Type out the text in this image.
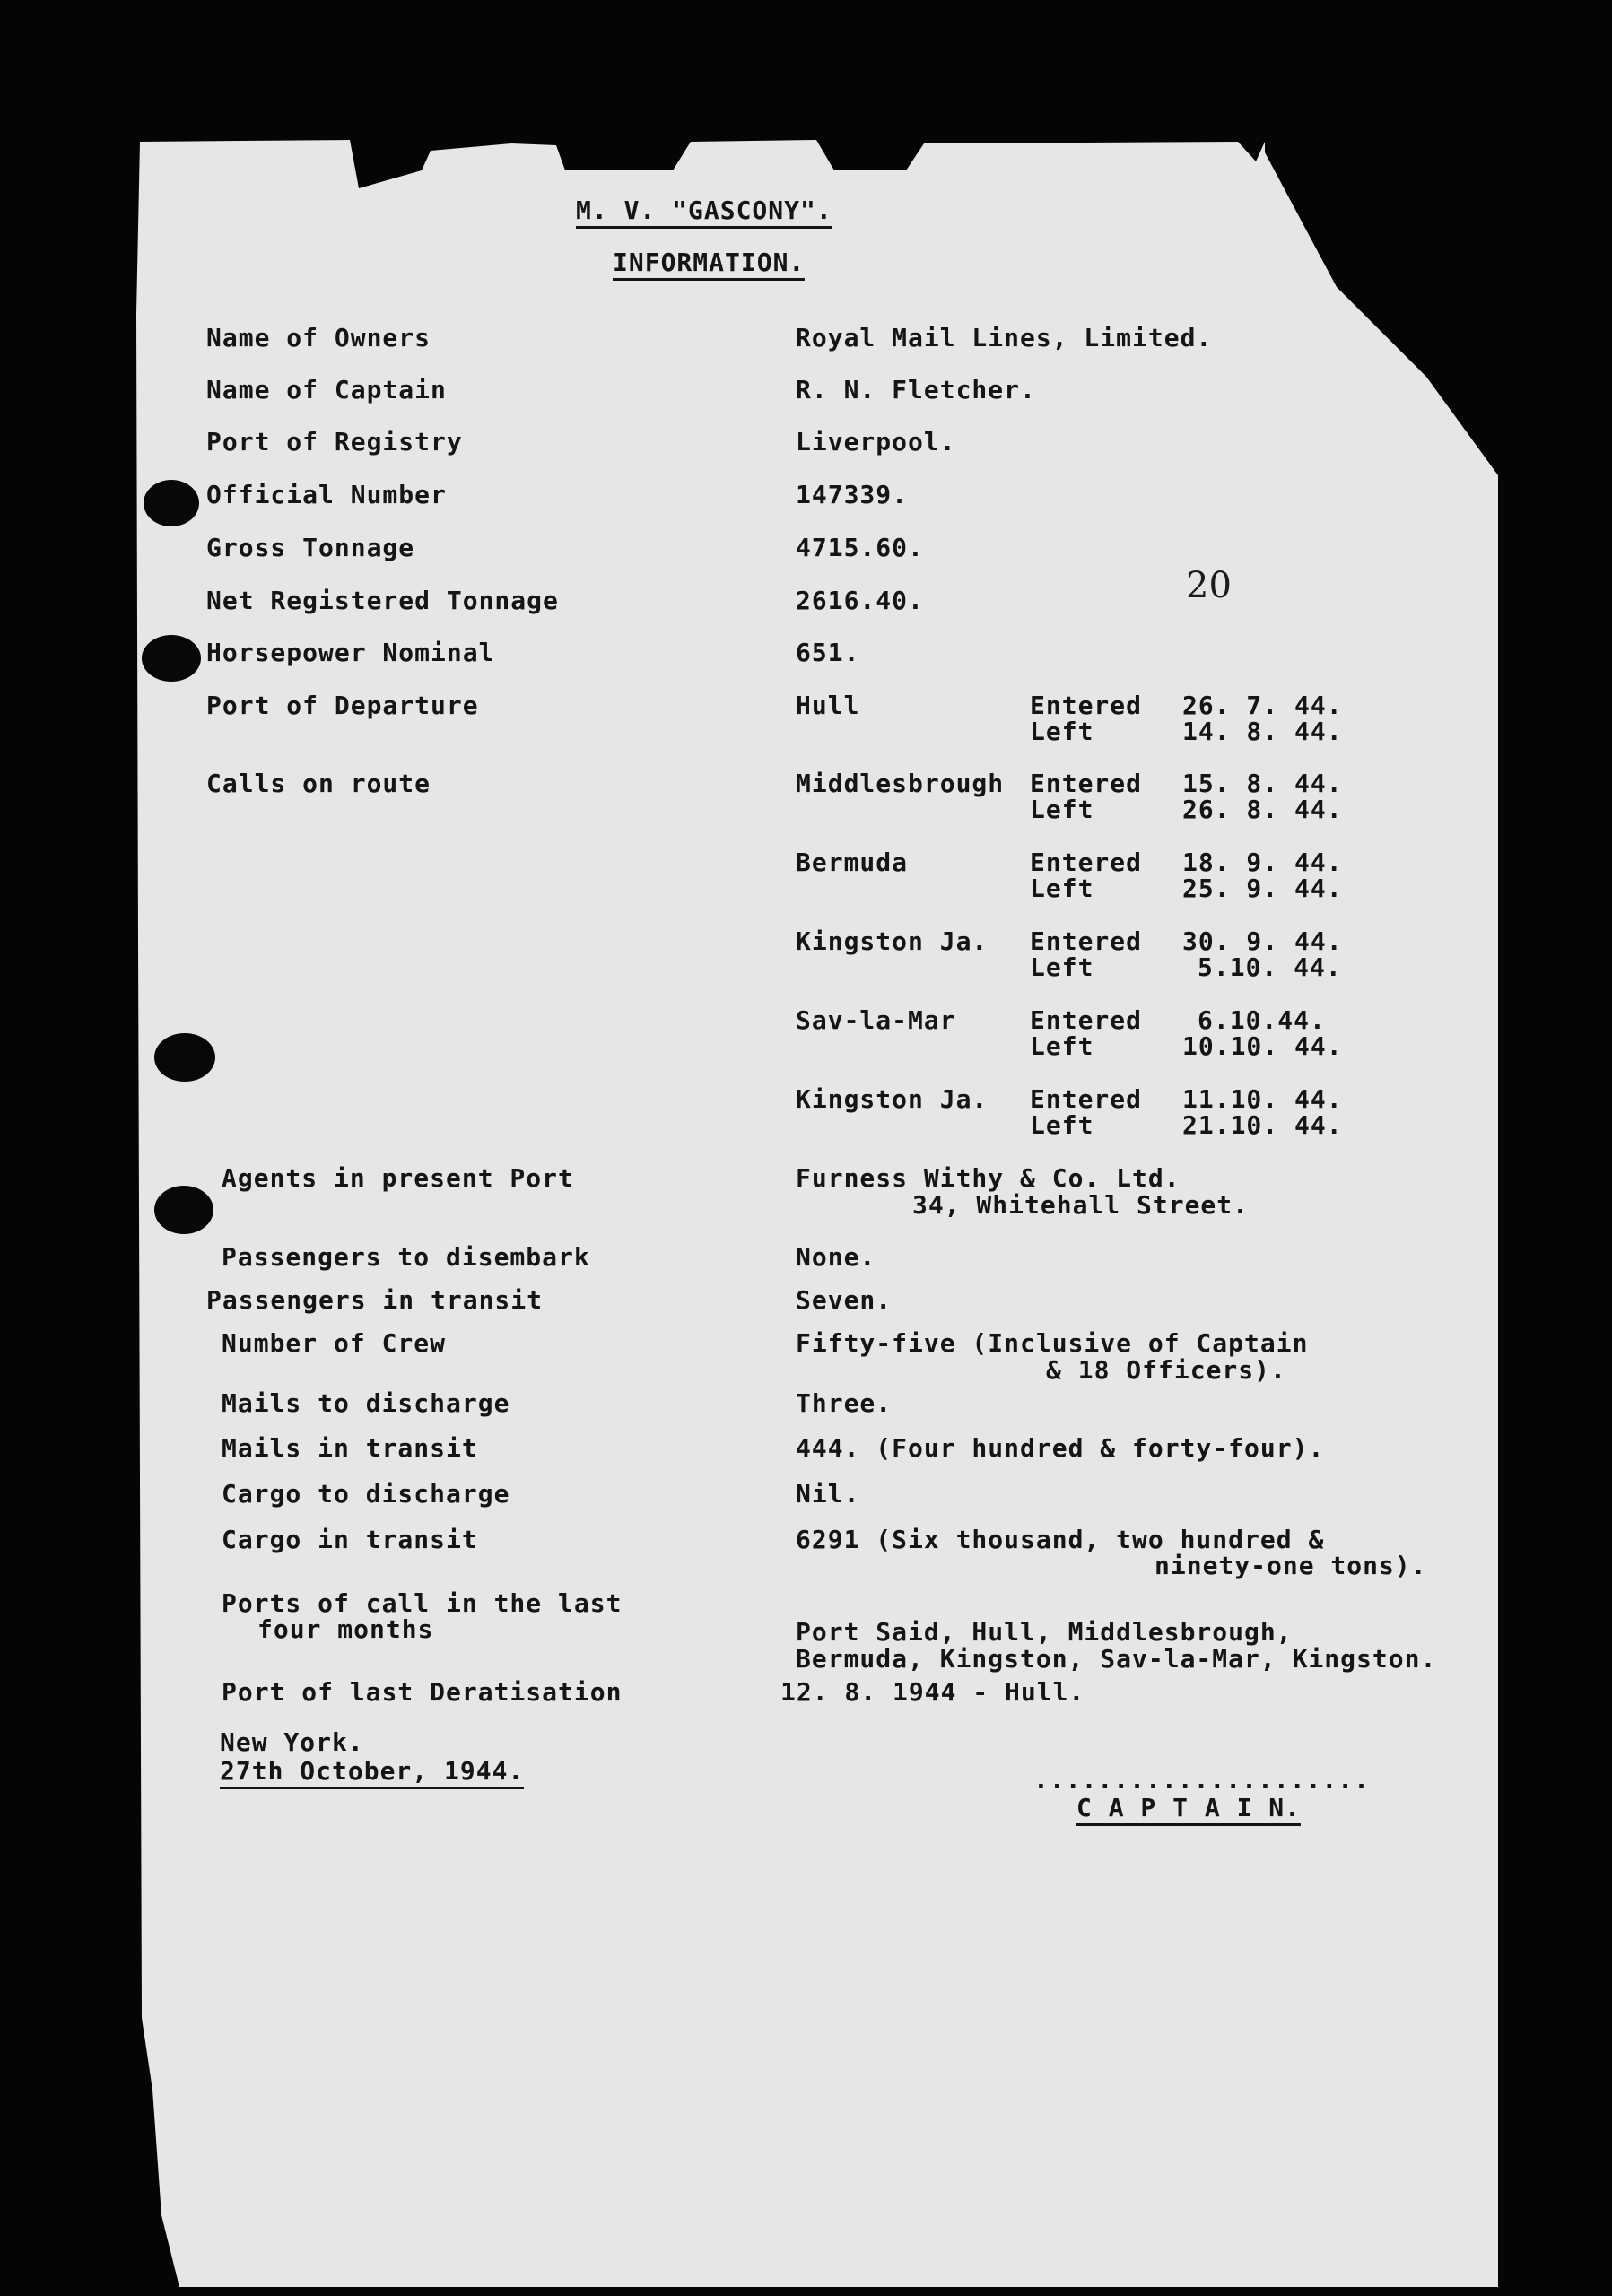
M. V. "GASCONY".
INFORMATION.
20
Name of Owners	Royal Mail Lines, Limited.
Name of Captain	R. N. Fletcher.
Port of Registry	Liverpool.
Official Number	147339.
Gross Tonnage	4715.60.
Net Registered Tonnage	2616.40.
Horsepower Nominal	651.
Port of Departure	Hull	Entered 26. 7. 44.
Left	14. 8. 44.
Calls on route	Middlesbrough Entered 15. 8. 44.
Left	26. 8. 44.
Bermuda	Entered 18. 9. 44.
Left	25. 9. 44.
Kingston Ja. Entered 30. 9. 44.
Left	5.10. 44.
Sav-la-Mar	Entered 6.10.44.
Left	10.10. 44.
Kingston Ja. Entered 11.10. 44.
Left	21.10. 44.
Agents in present Port	Furness Withy & Co. Ltd.
34, Whitehall Street.
Passengers to disembark	None.
Passengers in transit	Seven.
Number of Crew	Fifty-five (Inclusive of Captain
& 18 Officers).
Mails to discharge	Three.
Mails in transit	444. (Four hundred & forty-four).
Cargo to discharge	Nil.
Cargo in transit	6291 (Six thousand, two hundred &
ninety-one tons).
Ports of call in the last
four months	Port Said, Hull, Middlesbrough,
Bermuda, Kingston, Sav-la-Mar, Kingston.
Port of last Deratisation	12. 8. 1944 - Hull.
New York.
27th October, 1944.	.....................
C A P T A I N.
